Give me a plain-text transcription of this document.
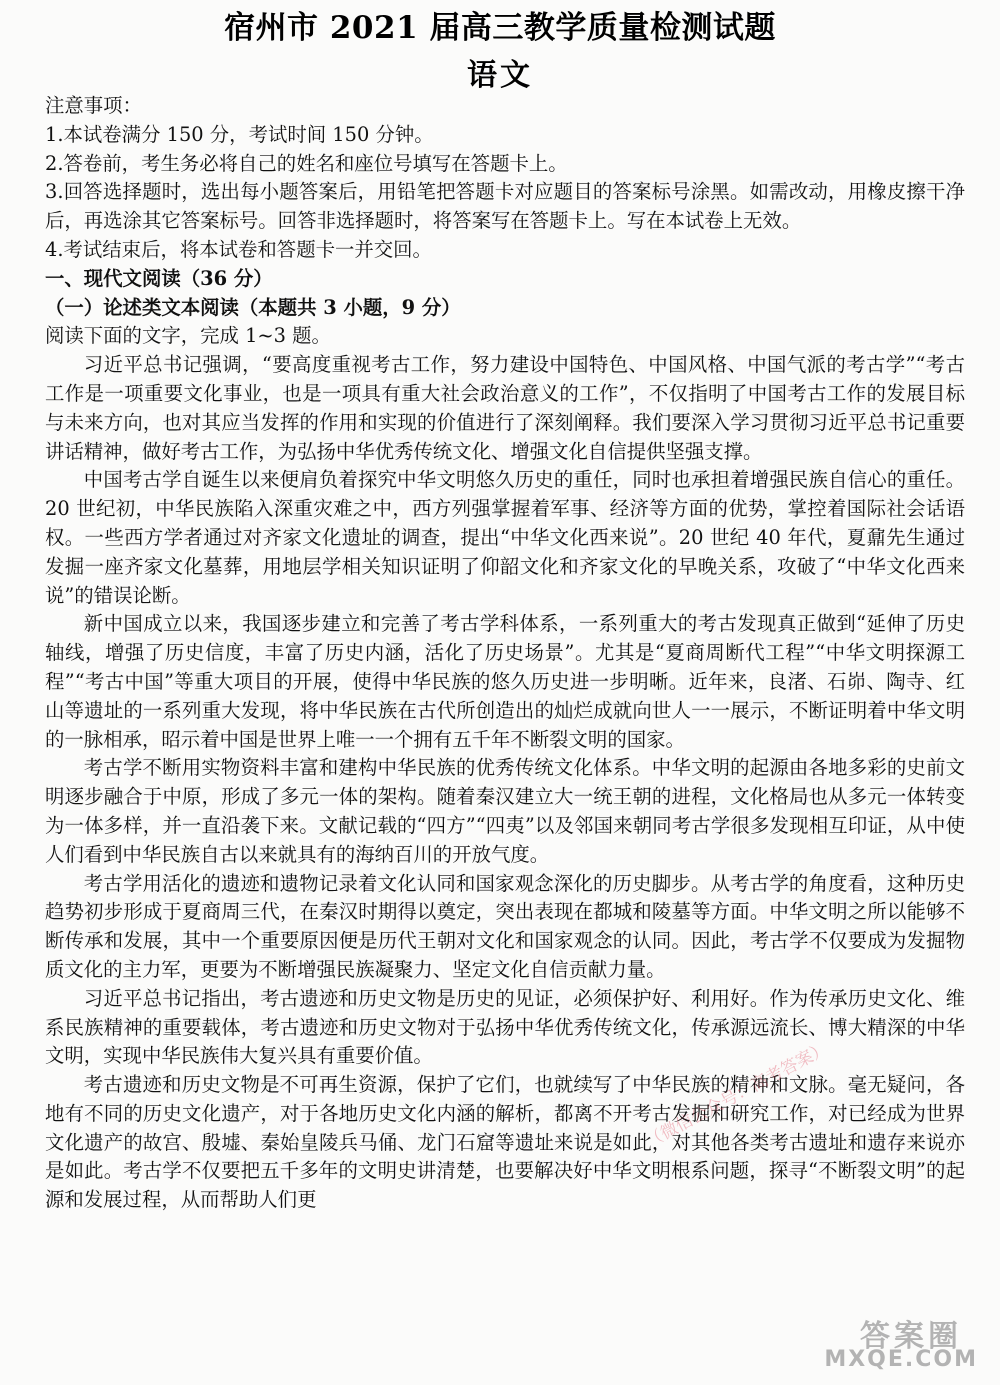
宿州市 2021 届高三教学质量检测试题
语文

注意事项：

1.本试卷满分 150 分，考试时间 150 分钟。

2.答卷前，考生务必将自己的姓名和座位号填写在答题卡上。

3.回答选择题时，选出每小题答案后，用铅笔把答题卡对应题目的答案标号涂黑。如需改动，用橡皮擦干净后，再选涂其它答案标号。回答非选择题时，将答案写在答题卡上。写在本试卷上无效。

4.考试结束后，将本试卷和答题卡一并交回。

一、现代文阅读（36 分）

（一）论述类文本阅读（本题共 3 小题，9 分）

阅读下面的文字，完成 1~3 题。

习近平总书记强调，“要高度重视考古工作，努力建设中国特色、中国风格、中国气派的考古学”“考古工作是一项重要文化事业，也是一项具有重大社会政治意义的工作”，不仅指明了中国考古工作的发展目标与未来方向，也对其应当发挥的作用和实现的价值进行了深刻阐释。我们要深入学习贯彻习近平总书记重要讲话精神，做好考古工作，为弘扬中华优秀传统文化、增强文化自信提供坚强支撑。

中国考古学自诞生以来便肩负着探究中华文明悠久历史的重任，同时也承担着增强民族自信心的重任。20 世纪初，中华民族陷入深重灾难之中，西方列强掌握着军事、经济等方面的优势，掌控着国际社会话语权。一些西方学者通过对齐家文化遗址的调查，提出“中华文化西来说”。20 世纪 40 年代，夏鼐先生通过发掘一座齐家文化墓葬，用地层学相关知识证明了仰韶文化和齐家文化的早晚关系，攻破了“中华文化西来说”的错误论断。

新中国成立以来，我国逐步建立和完善了考古学科体系，一系列重大的考古发现真正做到“延伸了历史轴线，增强了历史信度，丰富了历史内涵，活化了历史场景”。尤其是“夏商周断代工程”“中华文明探源工程”“考古中国”等重大项目的开展，使得中华民族的悠久历史进一步明晰。近年来，良渚、石峁、陶寺、红山等遗址的一系列重大发现，将中华民族在古代所创造出的灿烂成就向世人一一展示，不断证明着中华文明的一脉相承，昭示着中国是世界上唯一一个拥有五千年不断裂文明的国家。

考古学不断用实物资料丰富和建构中华民族的优秀传统文化体系。中华文明的起源由各地多彩的史前文明逐步融合于中原，形成了多元一体的架构。随着秦汉建立大一统王朝的进程，文化格局也从多元一体转变为一体多样，并一直沿袭下来。文献记载的“四方”“四夷”以及邻国来朝同考古学很多发现相互印证，从中使人们看到中华民族自古以来就具有的海纳百川的开放气度。

考古学用活化的遗迹和遗物记录着文化认同和国家观念深化的历史脚步。从考古学的角度看，这种历史趋势初步形成于夏商周三代，在秦汉时期得以奠定，突出表现在都城和陵墓等方面。中华文明之所以能够不断传承和发展，其中一个重要原因便是历代王朝对文化和国家观念的认同。因此，考古学不仅要成为发掘物质文化的主力军，更要为不断增强民族凝聚力、坚定文化自信贡献力量。

习近平总书记指出，考古遗迹和历史文物是历史的见证，必须保护好、利用好。作为传承历史文化、维系民族精神的重要载体，考古遗迹和历史文物对于弘扬中华优秀传统文化，传承源远流长、博大精深的中华文明，实现中华民族伟大复兴具有重要价值。

考古遗迹和历史文物是不可再生资源，保护了它们，也就续写了中华民族的精神和文脉。毫无疑问，各地有不同的历史文化遗产，对于各地历史文化内涵的解析，都离不开考古发掘和研究工作，对已经成为世界文化遗产的故宫、殷墟、秦始皇陵兵马俑、龙门石窟等遗址来说是如此，对其他各类考古遗址和遗存来说亦是如此。考古学不仅要把五千多年的文明史讲清楚，也要解决好中华文明根系问题，探寻“不断裂文明”的起源和发展过程，从而帮助人们更

（微信公众号：高考答案）
答案圈
MXQE.COM
